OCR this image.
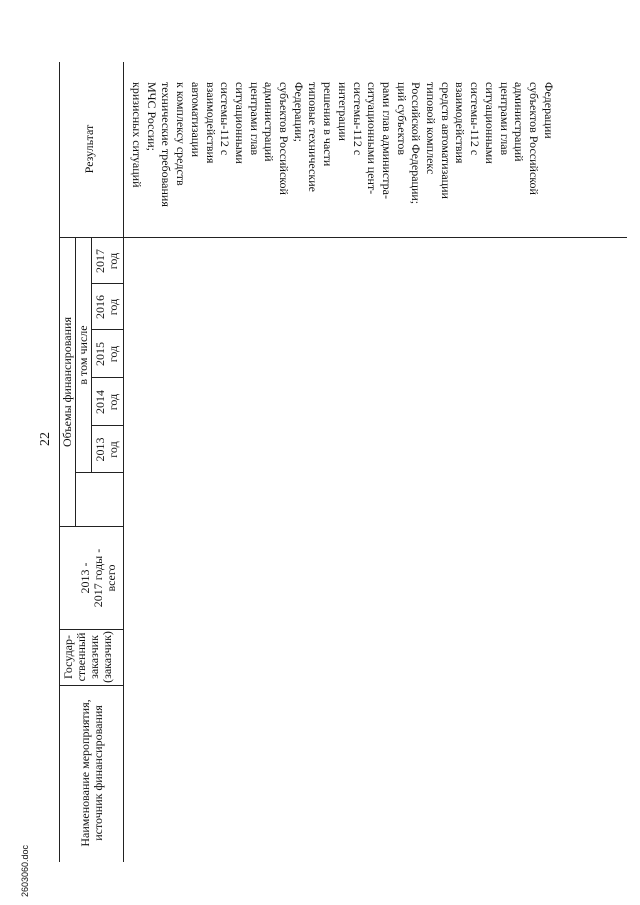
22
Наименование мероприятия,
источник финансирования
Государ-
ственный
заказчик
(заказчик)
Объемы финансирования
2013 -
2017 годы -
всего
в том числе
2013
год
2014
год
2015
год
2016
год
2017
год
Результат	кризисных ситуаций МЧС России; технические требования к комплексу средств автоматизации взаимодействия системы-112 с ситуационными центрами глав администраций субъектов Российской Федерации; типовые технические решения в части интеграции системы-112 с ситуационными цент- рами глав администра- ций субъектов Российской Федерации; типовой комплекс средств автоматизации взаимодействия системы-112 с ситуационными центрами глав администраций субъектов Российской Федерации
2603060.doc
